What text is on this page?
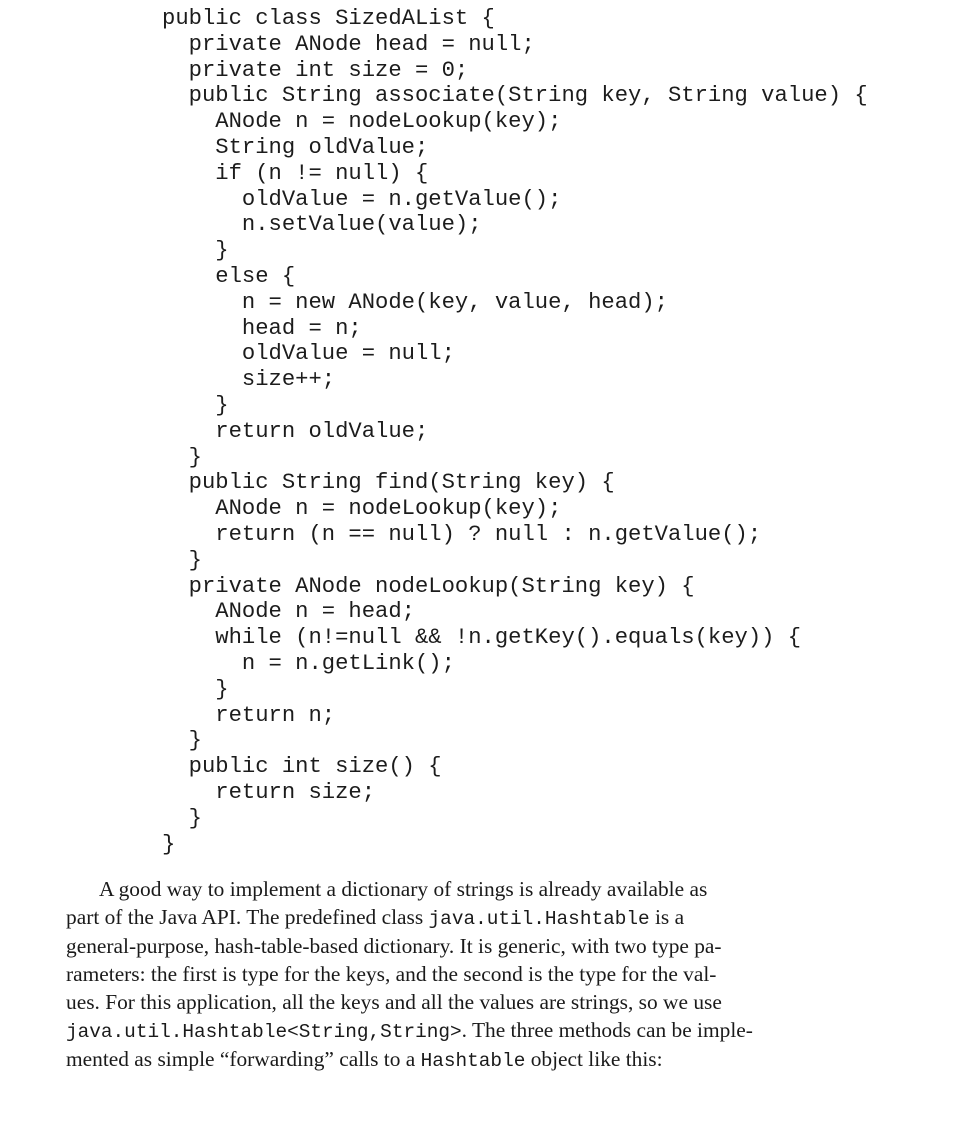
public class SizedAList {
private ANode head = null;
private int size = 0;
public String associate(String key, String value) {
ANode n = nodeLookup(key);
String oldValue;
if (n != null) {
oldValue = n.getValue();
n.setValue(value);
}
else {
n = new ANode(key, value, head);
head = n;
oldValue = null;
size++;
}
return oldValue;
}
public String find(String key) {
ANode n = nodeLookup(key);
return (n == null) ? null : n.getValue();
}
private ANode nodeLookup(String key) {
ANode n = head;
while (n!=null && !n.getKey().equals(key)) {
n = n.getLink();
}
return n;
}
public int size() {
return size;
}
}
A good way to implement a dictionary of strings is already available as
part of the Java API. The predefined class java.util.Hashtable is a
general-purpose, hash-table-based dictionary. It is generic, with two type pa-
rameters: the first is type for the keys, and the second is the type for the val-
ues. For this application, all the keys and all the values are strings, so we use
java.util.Hashtable<String,String>. The three methods can be imple-
mented as simple “forwarding” calls to a Hashtable object like this:
